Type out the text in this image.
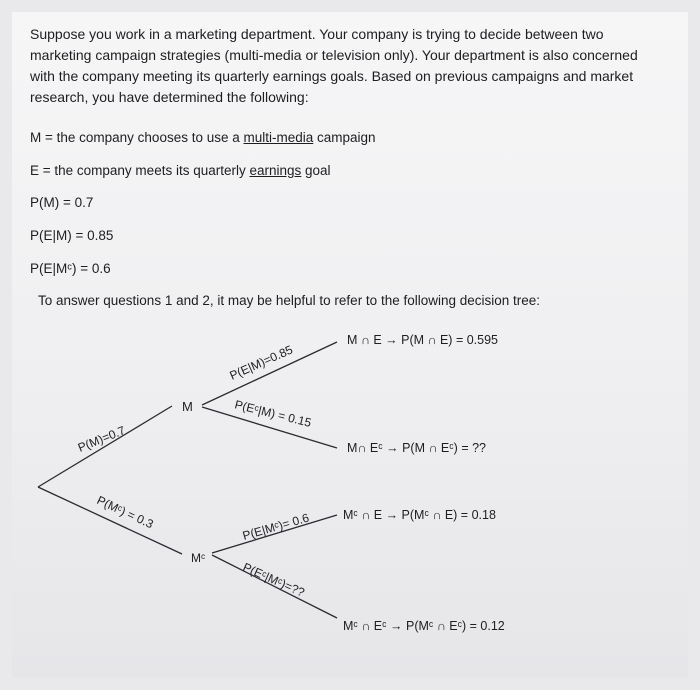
Suppose you work in a marketing department. Your company is trying to decide between two marketing campaign strategies (multi-media or television only). Your department is also concerned with the company meeting its quarterly earnings goals. Based on previous campaigns and market research, you have determined the following:
M = the company chooses to use a multi-media campaign
E = the company meets its quarterly earnings goal
P(M) = 0.7
P(E|M) = 0.85
P(E|Mᶜ) = 0.6
To answer questions 1 and 2, it may be helpful to refer to the following decision tree:
M
Mᶜ
P(M)=0.7
P(Mᶜ) = 0.3
P(E|M)=0.85
P(Eᶜ|M) = 0.15
P(E|Mᶜ)= 0.6
P(Eᶜ|Mᶜ)=??
M ∩ E → P(M ∩ E) = 0.595
M∩ Eᶜ → P(M ∩ Eᶜ) = ??
Mᶜ ∩ E → P(Mᶜ ∩ E) = 0.18
Mᶜ ∩ Eᶜ → P(Mᶜ ∩ Eᶜ) = 0.12
